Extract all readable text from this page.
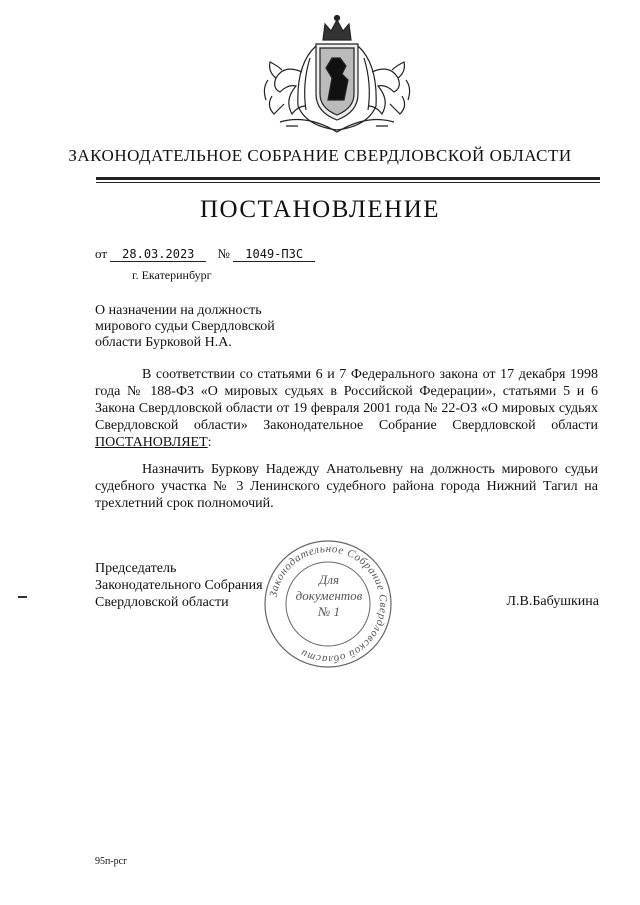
ЗАКОНОДАТЕЛЬНОЕ СОБРАНИЕ СВЕРДЛОВСКОЙ ОБЛАСТИ
ПОСТАНОВЛЕНИЕ
от 28.03.2023 № 1049-ПЗС
г. Екатеринбург
О назначении на должность
мирового судьи Свердловской
области Бурковой Н.А.
В соответствии со статьями 6 и 7 Федерального закона от 17 декабря 1998 года № 188-ФЗ «О мировых судьях в Российской Федерации», статьями 5 и 6 Закона Свердловской области от 19 февраля 2001 года № 22-ОЗ «О мировых судьях Свердловской области» Законодательное Собрание Свердловской области ПОСТАНОВЛЯЕТ:
Назначить Буркову Надежду Анатольевну на должность мирового судьи судебного участка № 3 Ленинского судебного района города Нижний Тагил на трехлетний срок полномочий.
Законодательное Собрание Свердловской области
Для
документов
№ 1
Председатель
Законодательного Собрания
Свердловской области	Л.В.Бабушкина
95п-рсг
